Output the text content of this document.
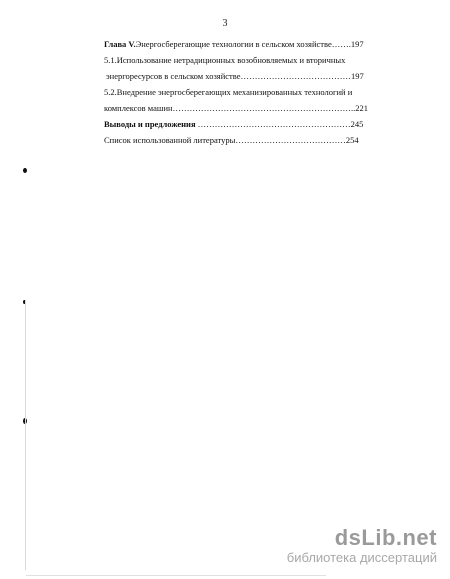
3
Глава V.Энергосберегающие технологии в сельском хозяйстве…….197
5.1.Использование нетрадиционных возобновляемых и вторичных
энергоресурсов в сельском хозяйстве…………………………………197
5.2.Внедрение энергосберегающих механизированных технологий и
комплексов машин………………………………………………………..221
Выводы и предложения ………………………………………………245
Список использованной литературы…………………………………254
dsLib.net
библиотека диссертаций
